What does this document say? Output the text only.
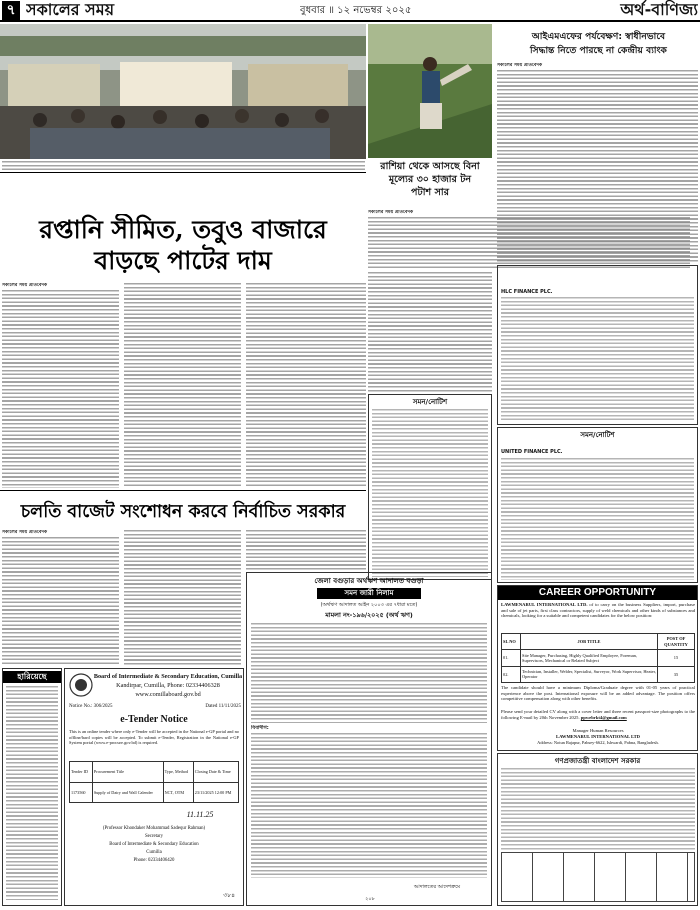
৭ সকালের সময়	বুধবার ॥ ১২ নভেম্বর ২০২৫	অর্থ-বাণিজ্য
রাশিয়া থেকে আসছে বিনা
মূল্যের ৩০ হাজার টন
পটাশ সার
সকালের সময় প্রতিবেদক
আইএমএফের পর্যবেক্ষণ: স্বাধীনভাবে
সিদ্ধান্ত নিতে পারছে না কেন্দ্রীয় ব্যাংক
সকালের সময় প্রতিবেদক
রপ্তানি সীমিত, তবুও বাজারে
বাড়ছে পাটের দাম
সকালের সময় প্রতিবেদক
সমন/নোটিশ
HLC FINANCE PLC.
সমন/নোটিশ
UNITED FINANCE PLC.
চলতি বাজেট সংশোধন করবে নির্বাচিত সরকার
সকালের সময় প্রতিবেদক
জেলা বগুড়ার অর্থঋণ আদালত বগুড়া
সমন জারী নিলাম
(অর্থঋণ আদালত আইন ২০০৩ এর ৭ধারা মতে)
মামলা নং-১৯৬/২০২৫ (অর্থ ঋণ)
বিবাদীগ:
আদালতের আদেশক্রমে
২০৮
হারিয়েছে	Board of Intermediate & Secondary Education, Cumilla
Kandirpar, Cumilla, Phone: 02334406328
www.comillaboard.gov.bd
Notice No.: 306/2025	Dated 11/11/2025
e-Tender Notice
This is an online tender where only e-Tender will be accepted in the National e-GP portal and no offline/hard copies will be accepted. To submit e-Tender, Registration in the National e-GP System portal (www.e-procure.gov.bd) is required.
Tender ID	Procurement Title	Type, Method	Closing Date & Time
1173560	Supply of Dairy and Wall Calender	NCT, OTM	23/11/2025 12:00 PM
11.11.25
(Professor Khondaker Mohammad Sadequr Rahman)
Secretary
Board of Intermediate & Secondary Education
Cumilla
Phone: 02334406420
৩৮৪
CAREER OPPORTUNITY
LAWMENARUL INTERNATIONAL LTD. of to carry on the business Suppliers, import, purchase and sale of jet parts, first class contractors, supply of weld chemicals and other kinds of substances and chemicals, looking for a suitable and competent candidates for the below position:
SL NO	JOB TITLE	POST OF QUANTITY
01.	Site Manager, Purchasing, Highly Qualified Employee, Foreman, Supervisors, Mechanical or Related Subject	15
02.	Technician, Installer, Welder, Specialist, Surveyor, Work Supervisor, Heater, Operator	35
The candidate should have a minimum Diploma/Graduate degree with 01-05 years of practical experience above the post. International exposure will be an added advantage. The position offers competitive compensation along with other benefits.
Please send your detailed CV along with a cover letter and three recent passport-size photographs to the following E-mail by 20th November 2025. ppwebrkt4@gmail.com
Manager Human Resources
LAWMENARUL INTERNATIONAL LTD
Address: Notun Rajapur, Pabsey-6622, Ishwardi, Pabna, Bangladesh.
গণপ্রজাতন্ত্রী বাংলাদেশ সরকার
